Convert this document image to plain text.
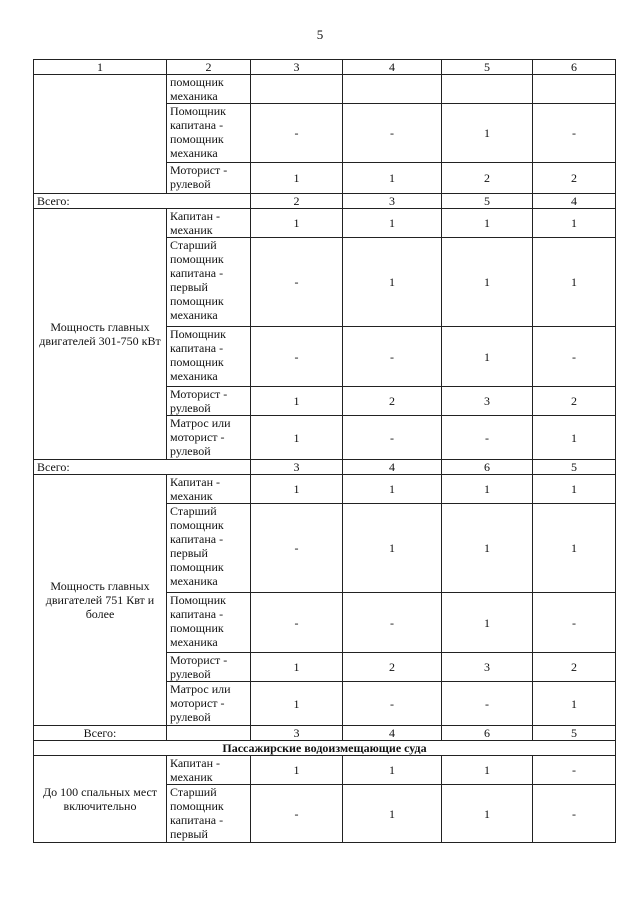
5
1	2	3	4	5	6
	помощник механика				
	Помощник капитана - помощник механика	-	-	1	-
	Моторист - рулевой	1	1	2	2
Всего:		2	3	5	4
Мощность главных двигателей 301-750 кВт	Капитан - механик	1	1	1	1
	Старший помощник капитана - первый помощник механика	-	1	1	1
	Помощник капитана - помощник механика	-	-	1	-
	Моторист - рулевой	1	2	3	2
	Матрос или моторист - рулевой	1	-	-	1
Всего:		3	4	6	5
Мощность главных двигателей 751 Квт и более	Капитан - механик	1	1	1	1
	Старший помощник капитана - первый помощник механика	-	1	1	1
	Помощник капитана - помощник механика	-	-	1	-
	Моторист - рулевой	1	2	3	2
	Матрос или моторист - рулевой	1	-	-	1
Всего:		3	4	6	5
Пассажирские водоизмещающие суда					
До 100 спальных мест включительно	Капитан - механик	1	1	1	-
	Старший помощник капитана - первый	-	1	1	-
